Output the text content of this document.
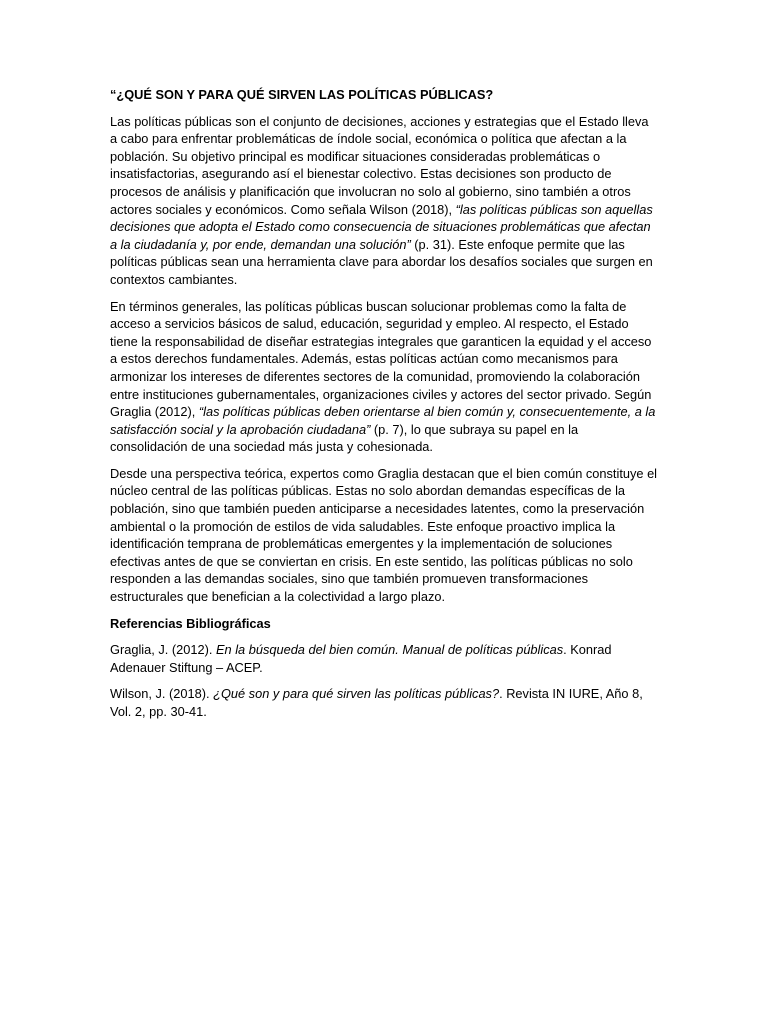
“¿QUÉ SON Y PARA QUÉ SIRVEN LAS POLÍTICAS PÚBLICAS?

Las políticas públicas son el conjunto de decisiones, acciones y estrategias que el Estado lleva a cabo para enfrentar problemáticas de índole social, económica o política que afectan a la población. Su objetivo principal es modificar situaciones consideradas problemáticas o insatisfactorias, asegurando así el bienestar colectivo. Estas decisiones son producto de procesos de análisis y planificación que involucran no solo al gobierno, sino también a otros actores sociales y económicos. Como señala Wilson (2018), “las políticas públicas son aquellas decisiones que adopta el Estado como consecuencia de situaciones problemáticas que afectan a la ciudadanía y, por ende, demandan una solución” (p. 31). Este enfoque permite que las políticas públicas sean una herramienta clave para abordar los desafíos sociales que surgen en contextos cambiantes.

En términos generales, las políticas públicas buscan solucionar problemas como la falta de acceso a servicios básicos de salud, educación, seguridad y empleo. Al respecto, el Estado tiene la responsabilidad de diseñar estrategias integrales que garanticen la equidad y el acceso a estos derechos fundamentales. Además, estas políticas actúan como mecanismos para armonizar los intereses de diferentes sectores de la comunidad, promoviendo la colaboración entre instituciones gubernamentales, organizaciones civiles y actores del sector privado. Según Graglia (2012), “las políticas públicas deben orientarse al bien común y, consecuentemente, a la satisfacción social y la aprobación ciudadana” (p. 7), lo que subraya su papel en la consolidación de una sociedad más justa y cohesionada.

Desde una perspectiva teórica, expertos como Graglia destacan que el bien común constituye el núcleo central de las políticas públicas. Estas no solo abordan demandas específicas de la población, sino que también pueden anticiparse a necesidades latentes, como la preservación ambiental o la promoción de estilos de vida saludables. Este enfoque proactivo implica la identificación temprana de problemáticas emergentes y la implementación de soluciones efectivas antes de que se conviertan en crisis. En este sentido, las políticas públicas no solo responden a las demandas sociales, sino que también promueven transformaciones estructurales que benefician a la colectividad a largo plazo.

Referencias Bibliográficas

Graglia, J. (2012). En la búsqueda del bien común. Manual de políticas públicas. Konrad Adenauer Stiftung – ACEP.

Wilson, J. (2018). ¿Qué son y para qué sirven las políticas públicas?. Revista IN IURE, Año 8, Vol. 2, pp. 30-41.
